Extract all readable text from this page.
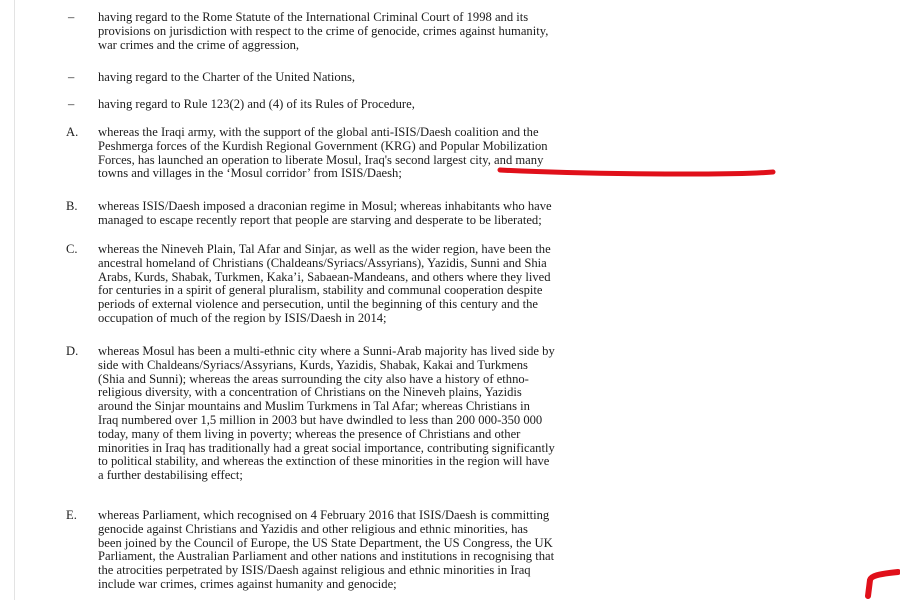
–	having regard to the Rome Statute of the International Criminal Court of 1998 and its
provisions on jurisdiction with respect to the crime of genocide, crimes against humanity,
war crimes and the crime of aggression,
–	having regard to the Charter of the United Nations,
–	having regard to Rule 123(2) and (4) of its Rules of Procedure,
A.	whereas the Iraqi army, with the support of the global anti-ISIS/Daesh coalition and the
Peshmerga forces of the Kurdish Regional Government (KRG) and Popular Mobilization
Forces, has launched an operation to liberate Mosul, Iraq's second largest city, and many
towns and villages in the ‘Mosul corridor’ from ISIS/Daesh;
B.	whereas ISIS/Daesh imposed a draconian regime in Mosul; whereas inhabitants who have
managed to escape recently report that people are starving and desperate to be liberated;
C.	whereas the Nineveh Plain, Tal Afar and Sinjar, as well as the wider region, have been the
ancestral homeland of Christians (Chaldeans/Syriacs/Assyrians), Yazidis, Sunni and Shia
Arabs, Kurds, Shabak, Turkmen, Kaka’i, Sabaean-Mandeans, and others where they lived
for centuries in a spirit of general pluralism, stability and communal cooperation despite
periods of external violence and persecution, until the beginning of this century and the
occupation of much of the region by ISIS/Daesh in 2014;
D.	whereas Mosul has been a multi-ethnic city where a Sunni-Arab majority has lived side by
side with Chaldeans/Syriacs/Assyrians, Kurds, Yazidis, Shabak, Kakai and Turkmens
(Shia and Sunni); whereas the areas surrounding the city also have a history of ethno-
religious diversity, with a concentration of Christians on the Nineveh plains, Yazidis
around the Sinjar mountains and Muslim Turkmens in Tal Afar; whereas Christians in
Iraq numbered over 1,5 million in 2003 but have dwindled to less than 200 000-350 000
today, many of them living in poverty; whereas the presence of Christians and other
minorities in Iraq has traditionally had a great social importance, contributing significantly
to political stability, and whereas the extinction of these minorities in the region will have
a further destabilising effect;
E.	whereas Parliament, which recognised on 4 February 2016 that ISIS/Daesh is committing
genocide against Christians and Yazidis and other religious and ethnic minorities, has
been joined by the Council of Europe, the US State Department, the US Congress, the UK
Parliament, the Australian Parliament and other nations and institutions in recognising that
the atrocities perpetrated by ISIS/Daesh against religious and ethnic minorities in Iraq
include war crimes, crimes against humanity and genocide;
